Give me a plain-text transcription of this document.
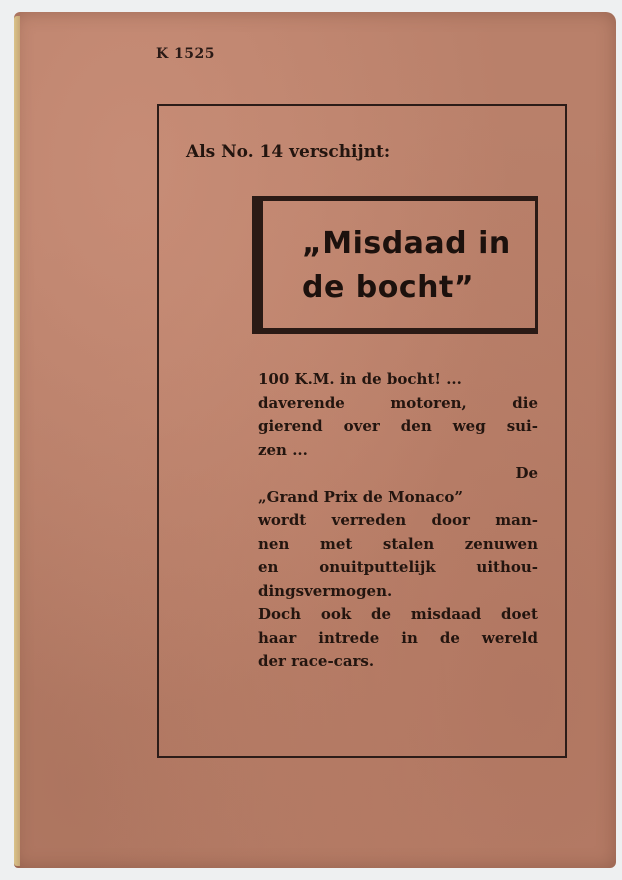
K 1525
Als No. 14 verschijnt:
„Misdaad in
de bocht”
100 K.M. in de bocht! ...
daverende motoren, die
gierend over den weg sui-
zen ...
De
„Grand Prix de Monaco”
wordt verreden door man-
nen met stalen zenuwen
en onuitputtelijk uithou-
dingsvermogen.
Doch ook de misdaad doet
haar intrede in de wereld
der race-cars.
